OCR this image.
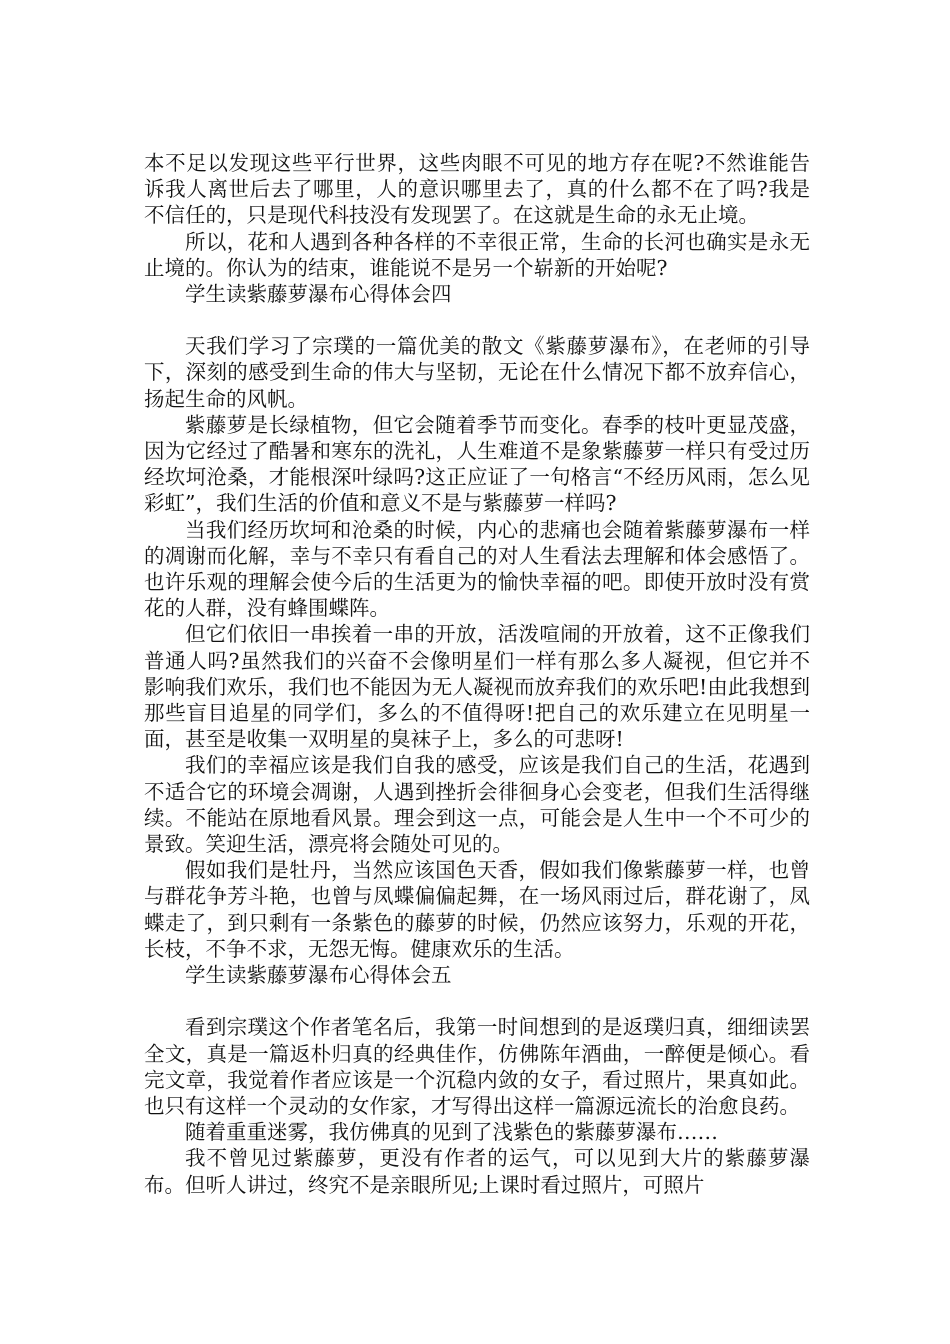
本不足以发现这些平行世界，这些肉眼不可见的地方存在呢?不然谁能告诉我人离世后去了哪里，人的意识哪里去了，真的什么都不在了吗?我是不信任的，只是现代科技没有发现罢了。在这就是生命的永无止境。

所以，花和人遇到各种各样的不幸很正常，生命的长河也确实是永无止境的。你认为的结束，谁能说不是另一个崭新的开始呢?

学生读紫藤萝瀑布心得体会四

天我们学习了宗璞的一篇优美的散文《紫藤萝瀑布》，在老师的引导下，深刻的感受到生命的伟大与坚韧，无论在什么情况下都不放弃信心，扬起生命的风帆。

紫藤萝是长绿植物，但它会随着季节而变化。春季的枝叶更显茂盛，因为它经过了酷暑和寒东的洗礼，人生难道不是象紫藤萝一样只有受过历经坎坷沧桑，才能根深叶绿吗?这正应证了一句格言“不经历风雨，怎么见彩虹”，我们生活的价值和意义不是与紫藤萝一样吗?

当我们经历坎坷和沧桑的时候，内心的悲痛也会随着紫藤萝瀑布一样的凋谢而化解，幸与不幸只有看自己的对人生看法去理解和体会感悟了。也许乐观的理解会使今后的生活更为的愉快幸福的吧。即使开放时没有赏花的人群，没有蜂围蝶阵。

但它们依旧一串挨着一串的开放，活泼喧闹的开放着，这不正像我们普通人吗?虽然我们的兴奋不会像明星们一样有那么多人凝视，但它并不影响我们欢乐，我们也不能因为无人凝视而放弃我们的欢乐吧!由此我想到那些盲目追星的同学们，多么的不值得呀!把自己的欢乐建立在见明星一面，甚至是收集一双明星的臭袜子上，多么的可悲呀!

我们的幸福应该是我们自我的感受，应该是我们自己的生活，花遇到不适合它的环境会凋谢，人遇到挫折会徘徊身心会变老，但我们生活得继续。不能站在原地看风景。理会到这一点，可能会是人生中一个不可少的景致。笑迎生活，漂亮将会随处可见的。

假如我们是牡丹，当然应该国色天香，假如我们像紫藤萝一样，也曾与群花争芳斗艳，也曾与凤蝶偏偏起舞，在一场风雨过后，群花谢了，凤蝶走了，到只剩有一条紫色的藤萝的时候，仍然应该努力，乐观的开花，长枝，不争不求，无怨无悔。健康欢乐的生活。

学生读紫藤萝瀑布心得体会五

看到宗璞这个作者笔名后，我第一时间想到的是返璞归真，细细读罢全文，真是一篇返朴归真的经典佳作，仿佛陈年酒曲，一醉便是倾心。看完文章，我觉着作者应该是一个沉稳内敛的女子，看过照片，果真如此。也只有这样一个灵动的女作家，才写得出这样一篇源远流长的治愈良药。

随着重重迷雾，我仿佛真的见到了浅紫色的紫藤萝瀑布……

我不曾见过紫藤萝，更没有作者的运气，可以见到大片的紫藤萝瀑布。但听人讲过，终究不是亲眼所见;上课时看过照片，可照片
